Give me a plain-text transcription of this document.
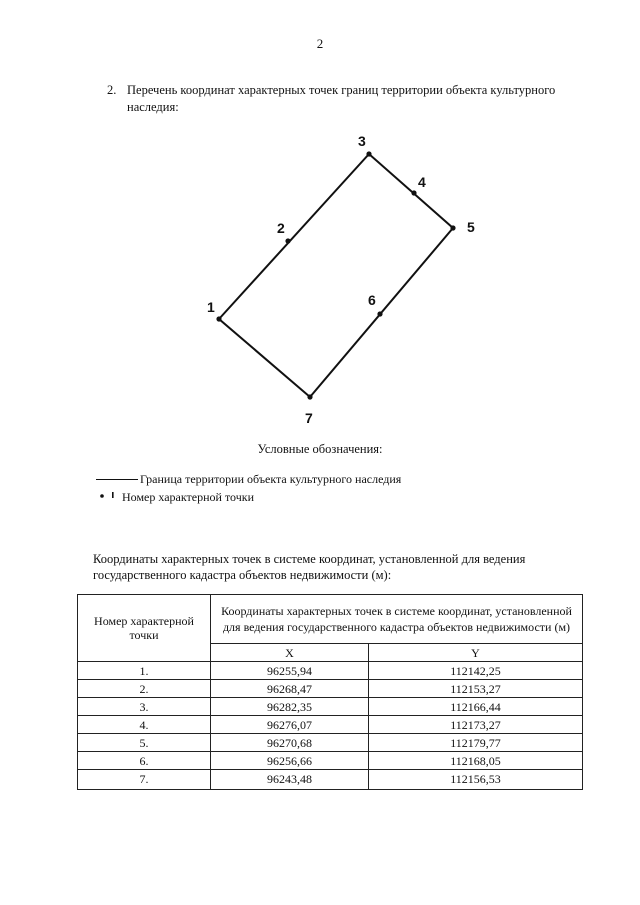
2
2. Перечень координат характерных точек границ территории объекта культурного
наследия:
1
2
3
4
5
6
7
Условные обозначения:
Граница территории объекта культурного наследия
Номер характерной точки
Координаты характерных точек в системе координат, установленной для ведения
государственного кадастра объектов недвижимости (м):
Номер характерной точки	Координаты характерных точек в системе координат, установленной для ведения государственного кадастра объектов недвижимости (м)	
	X	Y
1.	96255,94	112142,25
2.	96268,47	112153,27
3.	96282,35	112166,44
4.	96276,07	112173,27
5.	96270,68	112179,77
6.	96256,66	112168,05
7.	96243,48	112156,53
